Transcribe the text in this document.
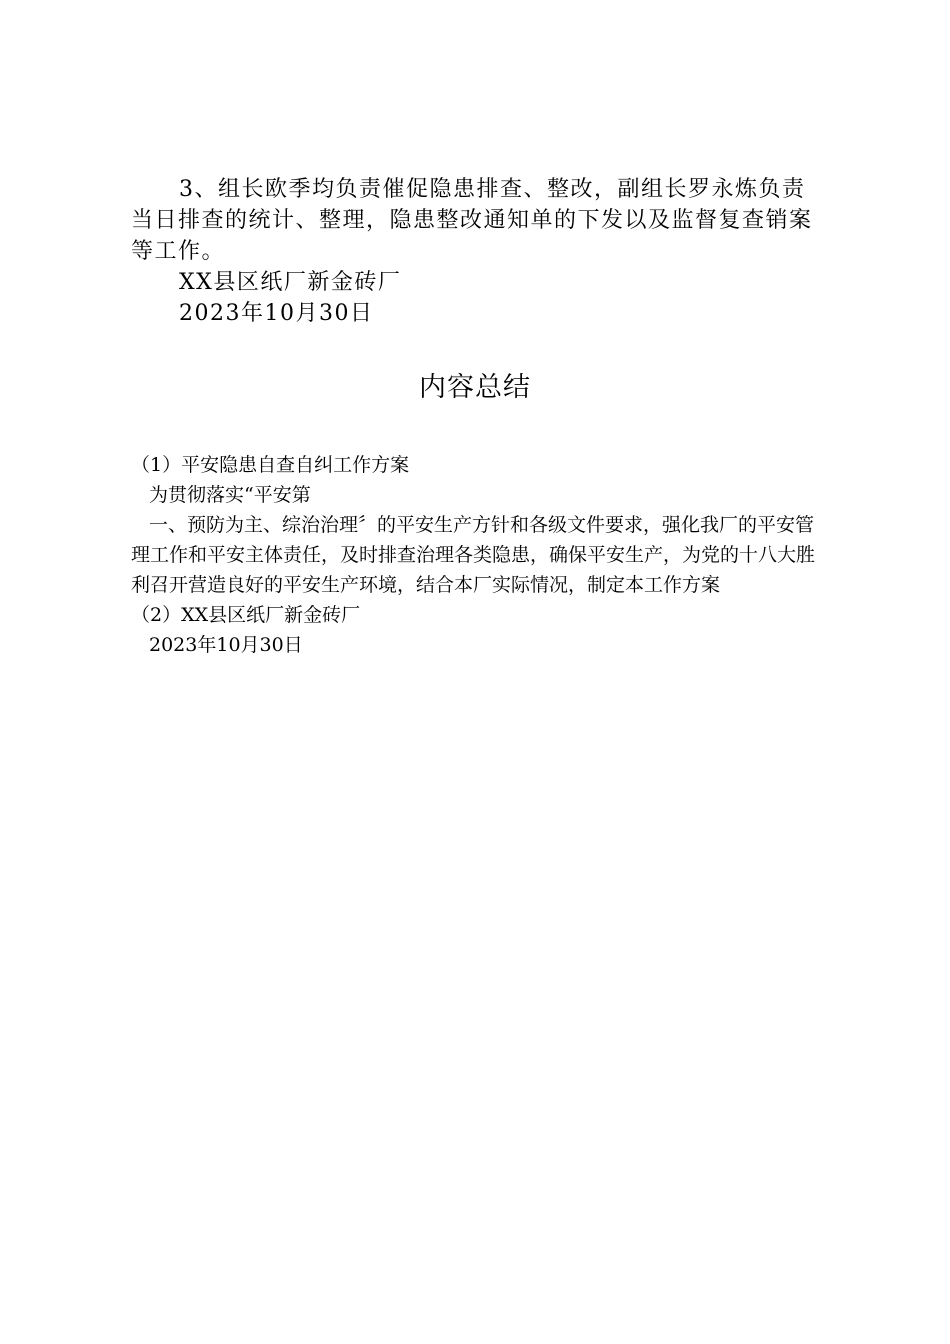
3、组长欧季均负责催促隐患排查、整改，副组长罗永炼负责当日排查的统计、整理，隐患整改通知单的下发以及监督复查销案等工作。

XX县区纸厂新金砖厂

2023年10月30日

内容总结

（1）平安隐患自查自纠工作方案

为贯彻落实“平安第

一、预防为主、综治治理〞的平安生产方针和各级文件要求，强化我厂的平安管理工作和平安主体责任，及时排查治理各类隐患，确保平安生产，为党的十八大胜利召开营造良好的平安生产环境，结合本厂实际情况，制定本工作方案

（2）XX县区纸厂新金砖厂

2023年10月30日
